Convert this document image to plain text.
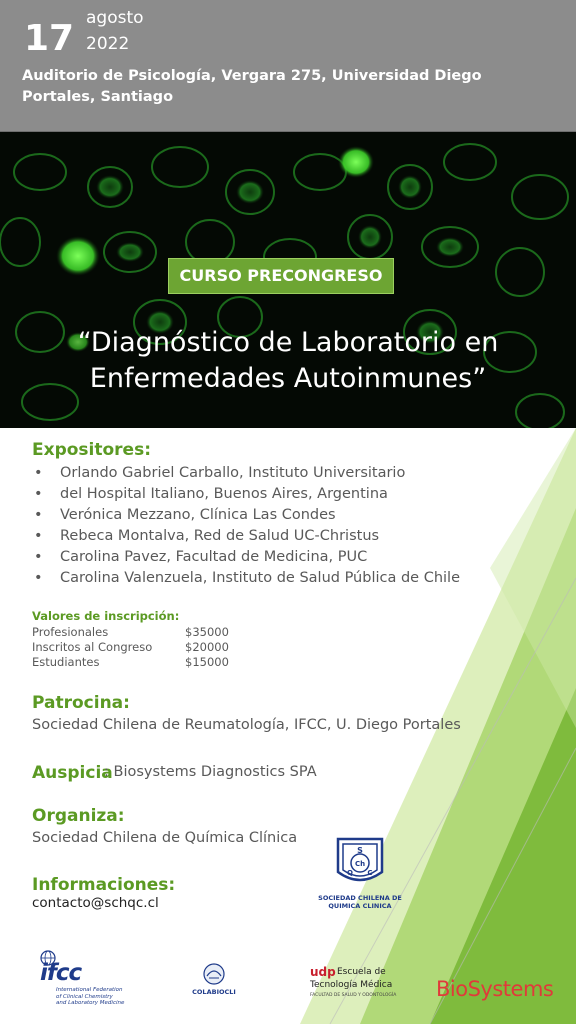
17 agosto
2022
Auditorio de Psicología, Vergara 275, Universidad Diego
Portales, Santiago
CURSO PRECONGRESO
“Diagnóstico de Laboratorio en
Enfermedades Autoinmunes”
Expositores:
• Orlando Gabriel Carballo, Instituto Universitario
• del Hospital Italiano, Buenos Aires, Argentina
• Verónica Mezzano, Clínica Las Condes
• Rebeca Montalva, Red de Salud UC-Christus
• Carolina Pavez, Facultad de Medicina, PUC
• Carolina Valenzuela, Instituto de Salud Pública de Chile
Valores de inscripción:
Profesionales	$35000
Inscritos al Congreso	$20000
Estudiantes	$15000
Patrocina:
Sociedad Chilena de Reumatología, IFCC, U. Diego Portales
Auspicia
: Biosystems Diagnostics SPA
Organiza:
Sociedad Chilena de Química Clínica
Informaciones:
contacto@schqc.cl
S
Ch
Q C
SOCIEDAD CHILENA DE
QUIMICA CLINICA
ifcc
International Federation
of Clinical Chemistry
and Laboratory Medicine
COLABIOCLI
udp Escuela de
Tecnología Médica
FACULTAD DE SALUD Y ODONTOLOGÍA BioSystems
